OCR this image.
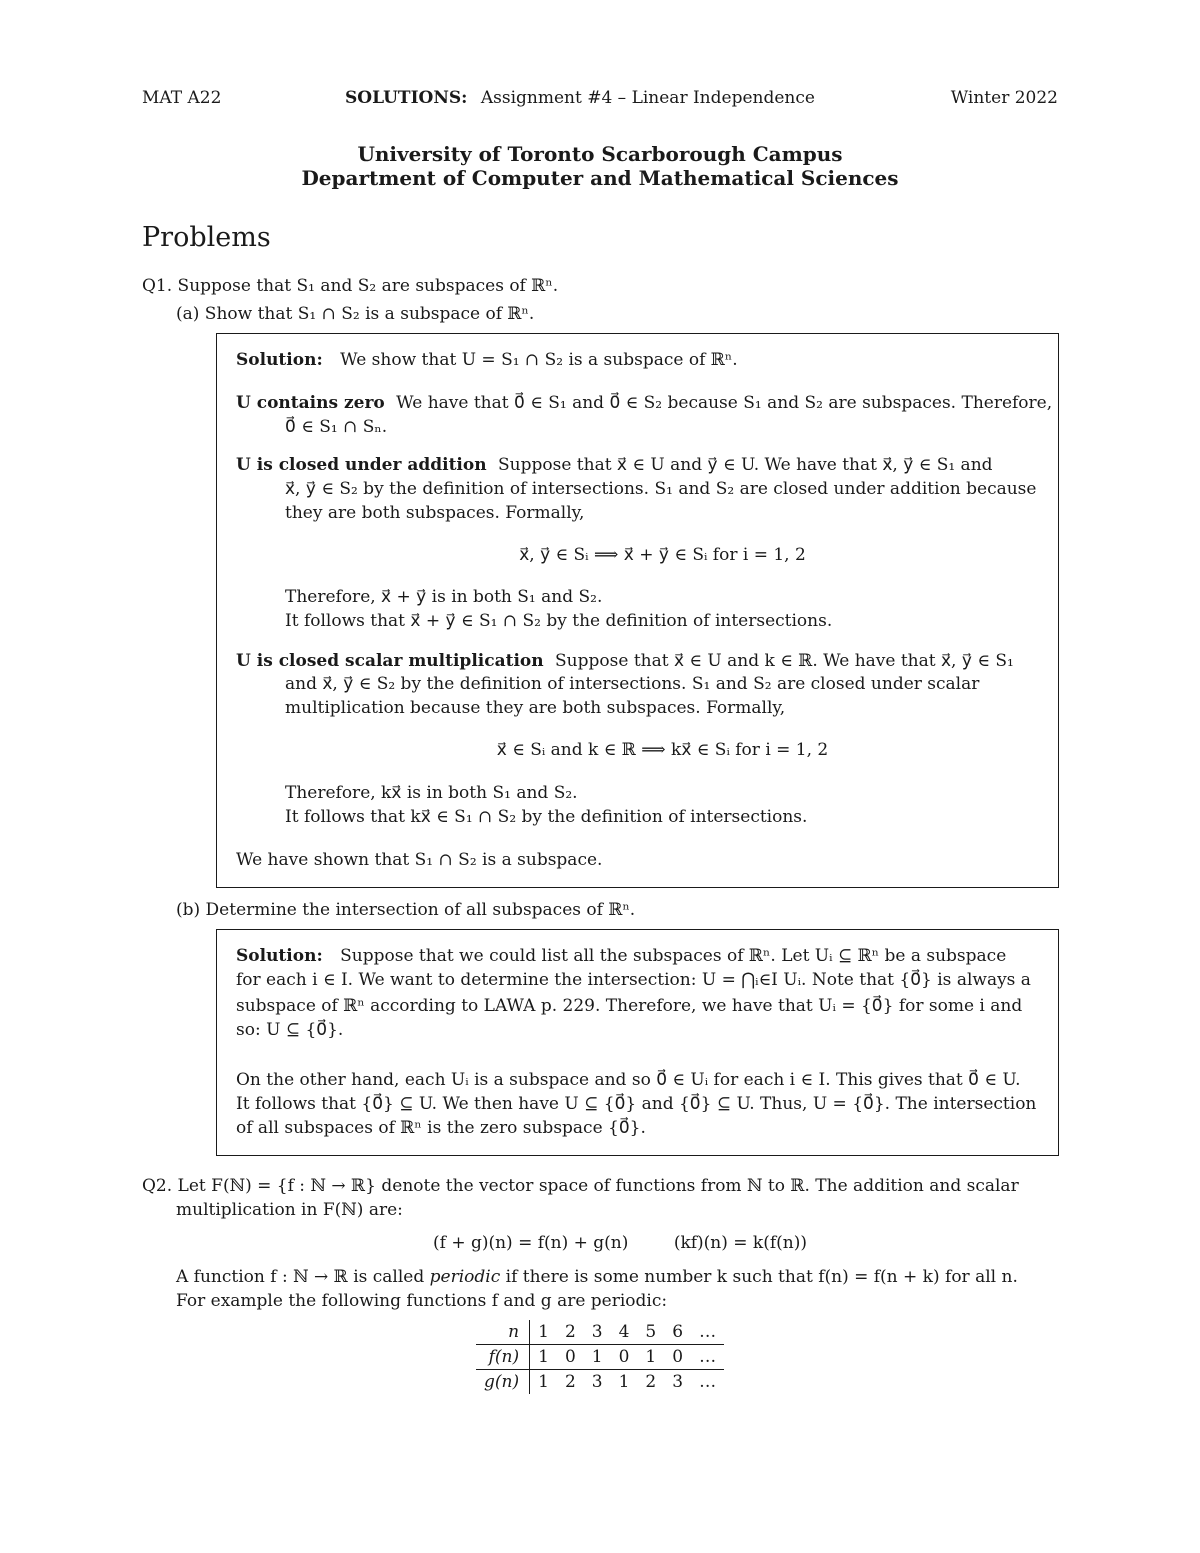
MAT A22	SOLUTIONS: Assignment #4 – Linear Independence	Winter 2022
University of Toronto Scarborough Campus
Department of Computer and Mathematical Sciences
Problems
Q1. Suppose that S₁ and S₂ are subspaces of ℝⁿ.
(a) Show that S₁ ∩ S₂ is a subspace of ℝⁿ.
Solution: We show that U = S₁ ∩ S₂ is a subspace of ℝⁿ.
U contains zero We have that 0⃗ ∈ S₁ and 0⃗ ∈ S₂ because S₁ and S₂ are subspaces. Therefore,
0⃗ ∈ S₁ ∩ Sₙ.
U is closed under addition Suppose that x⃗ ∈ U and y⃗ ∈ U. We have that x⃗, y⃗ ∈ S₁ and
x⃗, y⃗ ∈ S₂ by the definition of intersections. S₁ and S₂ are closed under addition because
they are both subspaces. Formally,
x⃗, y⃗ ∈ Sᵢ ⟹ x⃗ + y⃗ ∈ Sᵢ for i = 1, 2
Therefore, x⃗ + y⃗ is in both S₁ and S₂.
It follows that x⃗ + y⃗ ∈ S₁ ∩ S₂ by the definition of intersections.
U is closed scalar multiplication Suppose that x⃗ ∈ U and k ∈ ℝ. We have that x⃗, y⃗ ∈ S₁
and x⃗, y⃗ ∈ S₂ by the definition of intersections. S₁ and S₂ are closed under scalar
multiplication because they are both subspaces. Formally,
x⃗ ∈ Sᵢ and k ∈ ℝ ⟹ kx⃗ ∈ Sᵢ for i = 1, 2
Therefore, kx⃗ is in both S₁ and S₂.
It follows that kx⃗ ∈ S₁ ∩ S₂ by the definition of intersections.
We have shown that S₁ ∩ S₂ is a subspace.
(b) Determine the intersection of all subspaces of ℝⁿ.
Solution: Suppose that we could list all the subspaces of ℝⁿ. Let Uᵢ ⊆ ℝⁿ be a subspace
for each i ∈ I. We want to determine the intersection: U = ⋂ᵢ∈I Uᵢ. Note that {0⃗} is always a
subspace of ℝⁿ according to LAWA p. 229. Therefore, we have that Uᵢ = {0⃗} for some i and
so: U ⊆ {0⃗}.
On the other hand, each Uᵢ is a subspace and so 0⃗ ∈ Uᵢ for each i ∈ I. This gives that 0⃗ ∈ U.
It follows that {0⃗} ⊆ U. We then have U ⊆ {0⃗} and {0⃗} ⊆ U. Thus, U = {0⃗}. The intersection
of all subspaces of ℝⁿ is the zero subspace {0⃗}.
Q2. Let F(ℕ) = {f : ℕ → ℝ} denote the vector space of functions from ℕ to ℝ. The addition and scalar
multiplication in F(ℕ) are:
(f + g)(n) = f(n) + g(n)	(kf)(n) = k(f(n))
A function f : ℕ → ℝ is called periodic if there is some number k such that f(n) = f(n + k) for all n.
For example the following functions f and g are periodic:
n	1	2	3	4	5	6	…
f(n)	1	0	1	0	1	0	…
g(n)	1	2	3	1	2	3	…
